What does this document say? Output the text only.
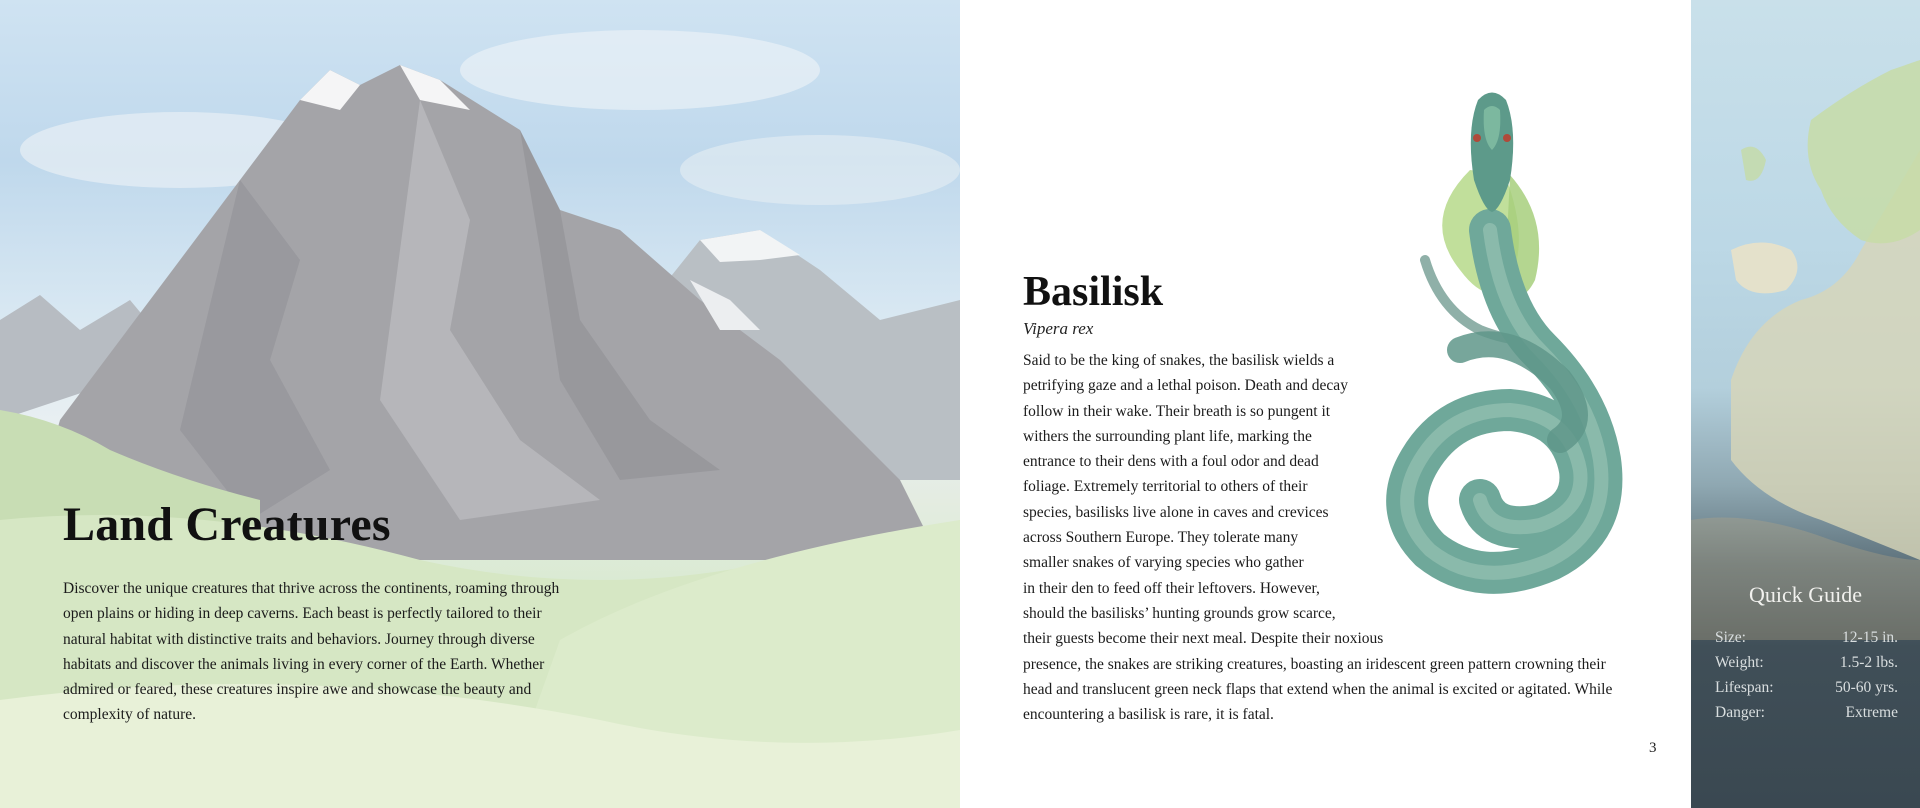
Land Creatures

Discover the unique creatures that thrive across the continents, roaming through open plains or hiding in deep caverns. Each beast is perfectly tailored to their natural habitat with distinctive traits and behaviors. Journey through diverse habitats and discover the animals living in every corner of the Earth. Whether admired or feared, these creatures inspire awe and showcase the beauty and complexity of nature.

Basilisk

Vipera rex

Said to be the king of snakes, the basilisk wields a
petrifying gaze and a lethal poison. Death and decay
follow in their wake. Their breath is so pungent it
withers the surrounding plant life, marking the
entrance to their dens with a foul odor and dead
foliage. Extremely territorial to others of their
species, basilisks live alone in caves and crevices
across Southern Europe. They tolerate many
smaller snakes of varying species who gather
in their den to feed off their leftovers. However,
should the basilisks’ hunting grounds grow scarce,
their guests become their next meal. Despite their noxious
presence, the snakes are striking creatures, boasting an iridescent green pattern crowning their
head and translucent green neck flaps that extend when the animal is excited or agitated. While
encountering a basilisk is rare, it is fatal.
3
Quick Guide
Size:	12-15 in.
Weight:	1.5-2 lbs.
Lifespan:	50-60 yrs.
Danger:	Extreme
